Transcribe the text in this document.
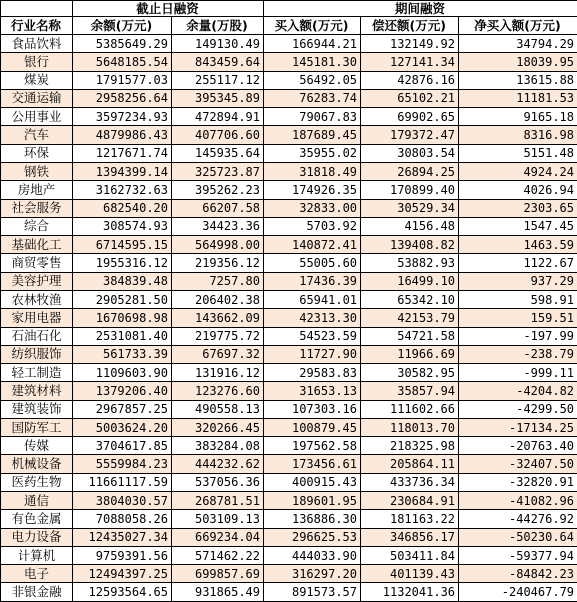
	截止日融资		期间融资		
行业名称	余额(万元)	余量(万股)	买入额(万元)	偿还额(万元)	净买入额(万元)
食品饮料	5385649.29	149130.49	166944.21	132149.92	34794.29
银行	5648185.54	843459.64	145181.30	127141.34	18039.95
煤炭	1791577.03	255117.12	56492.05	42876.16	13615.88
交通运输	2958256.64	395345.89	76283.74	65102.21	11181.53
公用事业	3597234.93	472894.91	79067.83	69902.65	9165.18
汽车	4879986.43	407706.60	187689.45	179372.47	8316.98
环保	1217671.74	145935.64	35955.02	30803.54	5151.48
钢铁	1394399.14	325723.87	31818.49	26894.25	4924.24
房地产	3162732.63	395262.23	174926.35	170899.40	4026.94
社会服务	682540.20	66207.58	32833.00	30529.34	2303.65
综合	308574.93	34423.36	5703.92	4156.48	1547.45
基础化工	6714595.15	564998.00	140872.41	139408.82	1463.59
商贸零售	1955316.12	219356.12	55005.60	53882.93	1122.67
美容护理	384839.48	7257.80	17436.39	16499.10	937.29
农林牧渔	2905281.50	206402.38	65941.01	65342.10	598.91
家用电器	1670698.98	143662.09	42313.30	42153.79	159.51
石油石化	2531081.40	219775.72	54523.59	54721.58	-197.99
纺织服饰	561733.39	67697.32	11727.90	11966.69	-238.79
轻工制造	1109603.90	131916.12	29583.83	30582.95	-999.11
建筑材料	1379206.40	123276.60	31653.13	35857.94	-4204.82
建筑装饰	2967857.25	490558.13	107303.16	111602.66	-4299.50
国防军工	5003624.20	320266.45	100879.45	118013.70	-17134.25
传媒	3704617.85	383284.08	197562.58	218325.98	-20763.40
机械设备	5559984.23	444232.62	173456.61	205864.11	-32407.50
医药生物	11661117.59	537056.36	400915.43	433736.34	-32820.91
通信	3804030.57	268781.51	189601.95	230684.91	-41082.96
有色金属	7088058.26	503109.13	136886.30	181163.22	-44276.92
电力设备	12435027.34	669234.04	296625.53	346856.17	-50230.64
计算机	9759391.56	571462.22	444033.90	503411.84	-59377.94
电子	12494397.25	699857.69	316297.20	401139.43	-84842.23
非银金融	12593564.65	931865.49	891573.57	1132041.36	-240467.79
